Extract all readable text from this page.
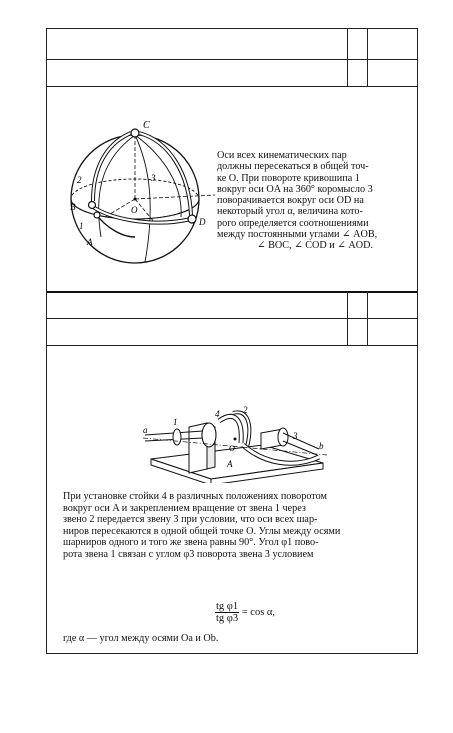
C
2	3
B	O
D
1
A

Оси всех кинематических пар

должны пересекаться в общей точ-

ке O. При повороте кривошипа 1

вокруг оси OA на 360° коромысло 3

поворачивается вокруг оси OD на

некоторый угол α, величина кото-

рого определяется соотношениями

между постоянными углами ∠ AOB,

∠ BOC, ∠ COD и ∠ AOD.

a
1
4	2
O
3
b
A

При установке стойки 4 в различных положениях поворотом

вокруг оси A и закреплением вращение от звена 1 через

звено 2 передается звену 3 при условии, что оси всех шар-

ниров пересекаются в одной общей точке O. Углы между осями

шарниров одного и того же звена равны 90°. Угол φ1 пово-

рота звена 1 связан с углом φ3 поворота звена 3 условием

$\frac{\text{tg φ1}}{\text{tg φ3}} = \cos \alpha$,
где α — угол между осями Oa и Ob.
